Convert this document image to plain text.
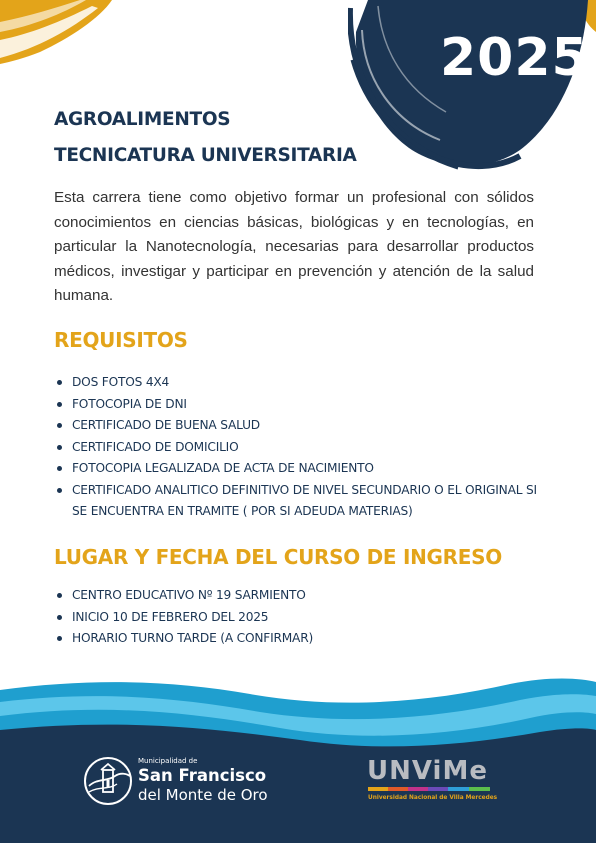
2025
AGROALIMENTOS
TECNICATURA UNIVERSITARIA
Esta carrera tiene como objetivo formar un profesional con sólidos conocimientos en ciencias básicas, biológicas y en tecnologías, en particular la Nanotecnología, necesarias para desarrollar productos médicos, investigar y participar en prevención y atención de la salud humana.
REQUISITOS
DOS FOTOS 4X4
FOTOCOPIA DE DNI
CERTIFICADO DE BUENA SALUD
CERTIFICADO DE DOMICILIO
FOTOCOPIA LEGALIZADA DE ACTA DE NACIMIENTO
CERTIFICADO ANALITICO DEFINITIVO DE NIVEL SECUNDARIO O EL ORIGINAL SI SE ENCUENTRA EN TRAMITE ( POR SI ADEUDA MATERIAS)
LUGAR Y FECHA DEL CURSO DE INGRESO
CENTRO EDUCATIVO Nº 19 SARMIENTO
INICIO 10 DE FEBRERO DEL 2025
HORARIO TURNO TARDE (A CONFIRMAR)
Municipalidad de
San Francisco
del Monte de Oro
UNViMe
Universidad Nacional de Villa Mercedes
